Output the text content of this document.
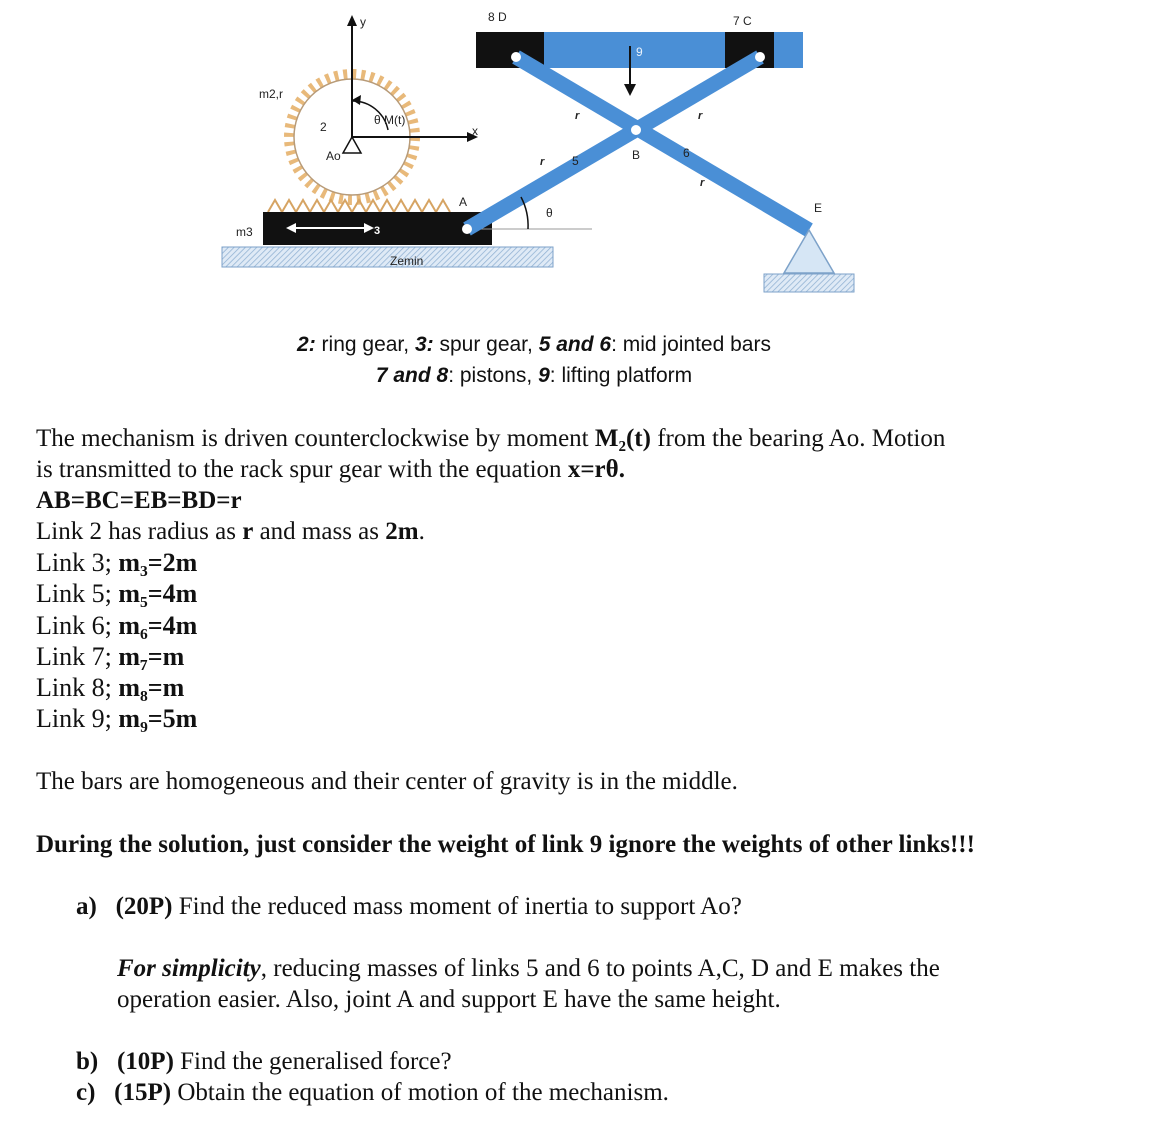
y
x
m2,r
2
Ao
θ M(t)
m3	3
Zemin
A
θ
r
r	r
r
5
6
B
E
8 D	7 C
9
2: ring gear, 3: spur gear, 5 and 6: mid jointed bars
7 and 8: pistons, 9: lifting platform
The mechanism is driven counterclockwise by moment M₂(t) from the bearing Ao. Motion
is transmitted to the rack spur gear with the equation x=rθ.
AB=BC=EB=BD=r
Link 2 has radius as r and mass as 2m.
Link 3; m₃=2m
Link 5; m₅=4m
Link 6; m₆=4m
Link 7; m₇=m
Link 8; m₈=m
Link 9; m₉=5m
The bars are homogeneous and their center of gravity is in the middle.
During the solution, just consider the weight of link 9 ignore the weights of other links!!!
a) (20P) Find the reduced mass moment of inertia to support Ao?
For simplicity, reducing masses of links 5 and 6 to points A,C, D and E makes the
operation easier. Also, joint A and support E have the same height.
b) (10P) Find the generalised force?
c) (15P) Obtain the equation of motion of the mechanism.
